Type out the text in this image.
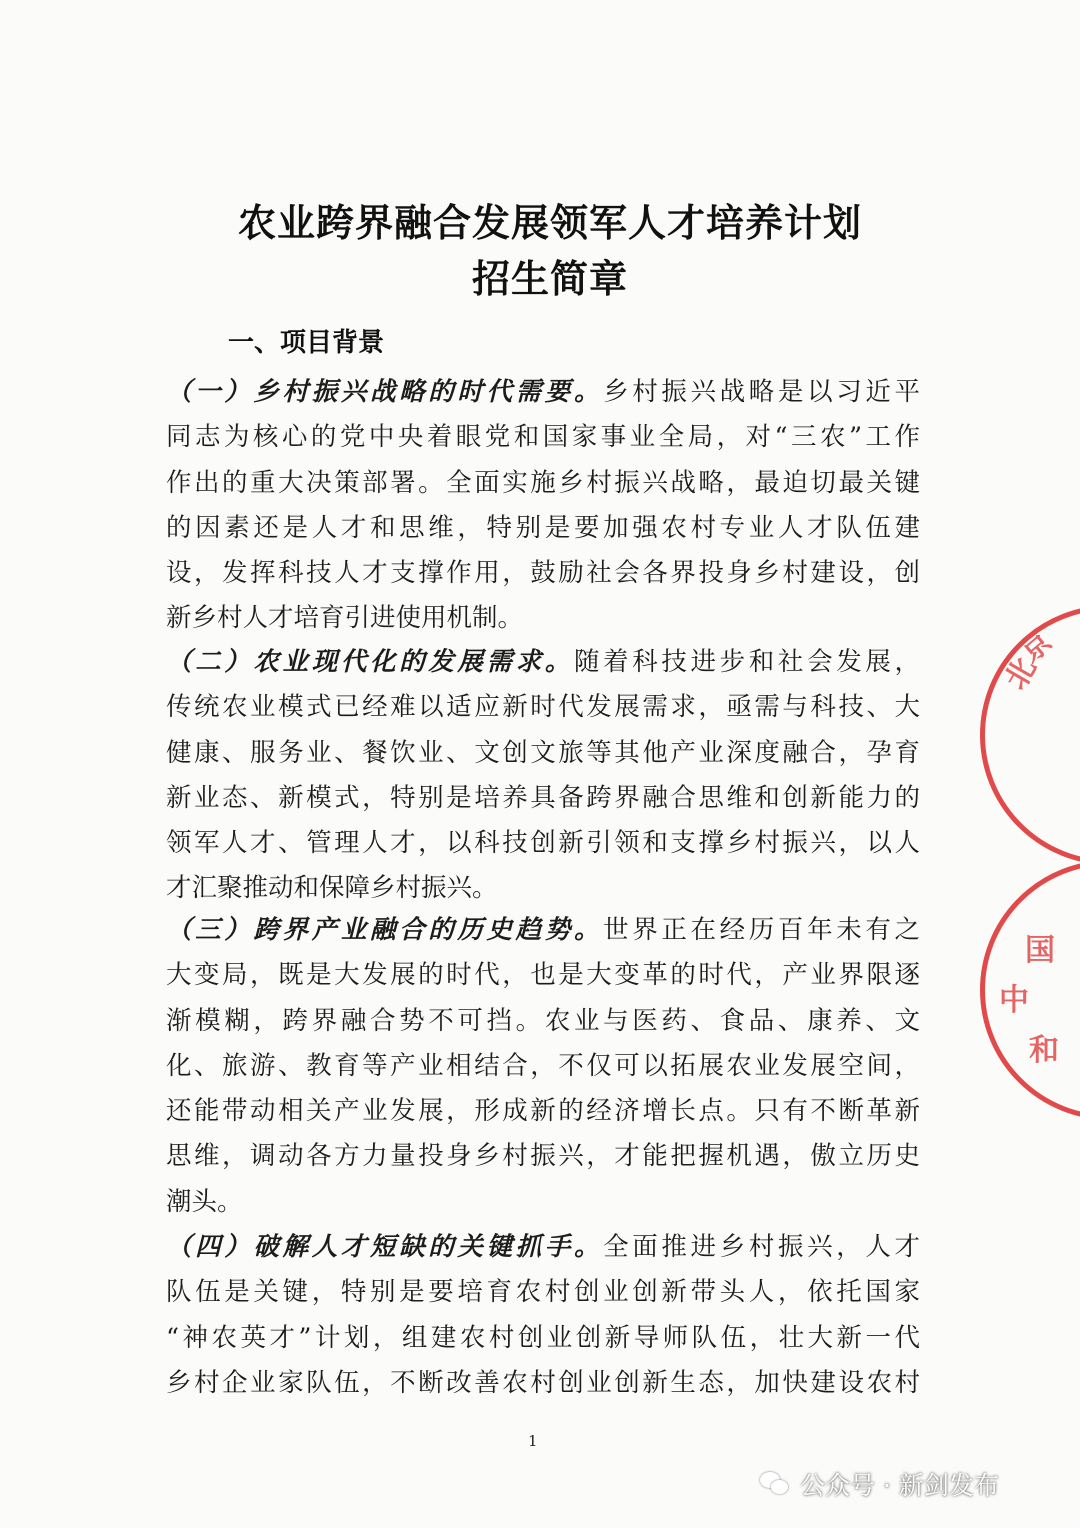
农业跨界融合发展领军人才培养计划
招生简章
一、项目背景
（一）乡村振兴战略的时代需要。乡村振兴战略是以习近平
同志为核心的党中央着眼党和国家事业全局，对“三农”工作
作出的重大决策部署。全面实施乡村振兴战略，最迫切最关键
的因素还是人才和思维，特别是要加强农村专业人才队伍建
设，发挥科技人才支撑作用，鼓励社会各界投身乡村建设，创
新乡村人才培育引进使用机制。
（二）农业现代化的发展需求。随着科技进步和社会发展，
传统农业模式已经难以适应新时代发展需求，亟需与科技、大
健康、服务业、餐饮业、文创文旅等其他产业深度融合，孕育
新业态、新模式，特别是培养具备跨界融合思维和创新能力的
领军人才、管理人才，以科技创新引领和支撑乡村振兴，以人
才汇聚推动和保障乡村振兴。
（三）跨界产业融合的历史趋势。世界正在经历百年未有之
大变局，既是大发展的时代，也是大变革的时代，产业界限逐
渐模糊，跨界融合势不可挡。农业与医药、食品、康养、文
化、旅游、教育等产业相结合，不仅可以拓展农业发展空间，
还能带动相关产业发展，形成新的经济增长点。只有不断革新
思维，调动各方力量投身乡村振兴，才能把握机遇，傲立历史
潮头。
（四）破解人才短缺的关键抓手。全面推进乡村振兴，人才
队伍是关键，特别是要培育农村创业创新带头人，依托国家
“神农英才”计划，组建农村创业创新导师队伍，壮大新一代
乡村企业家队伍，不断改善农村创业创新生态，加快建设农村
1
北
京
中
国
和
公众号 · 新剑发布
